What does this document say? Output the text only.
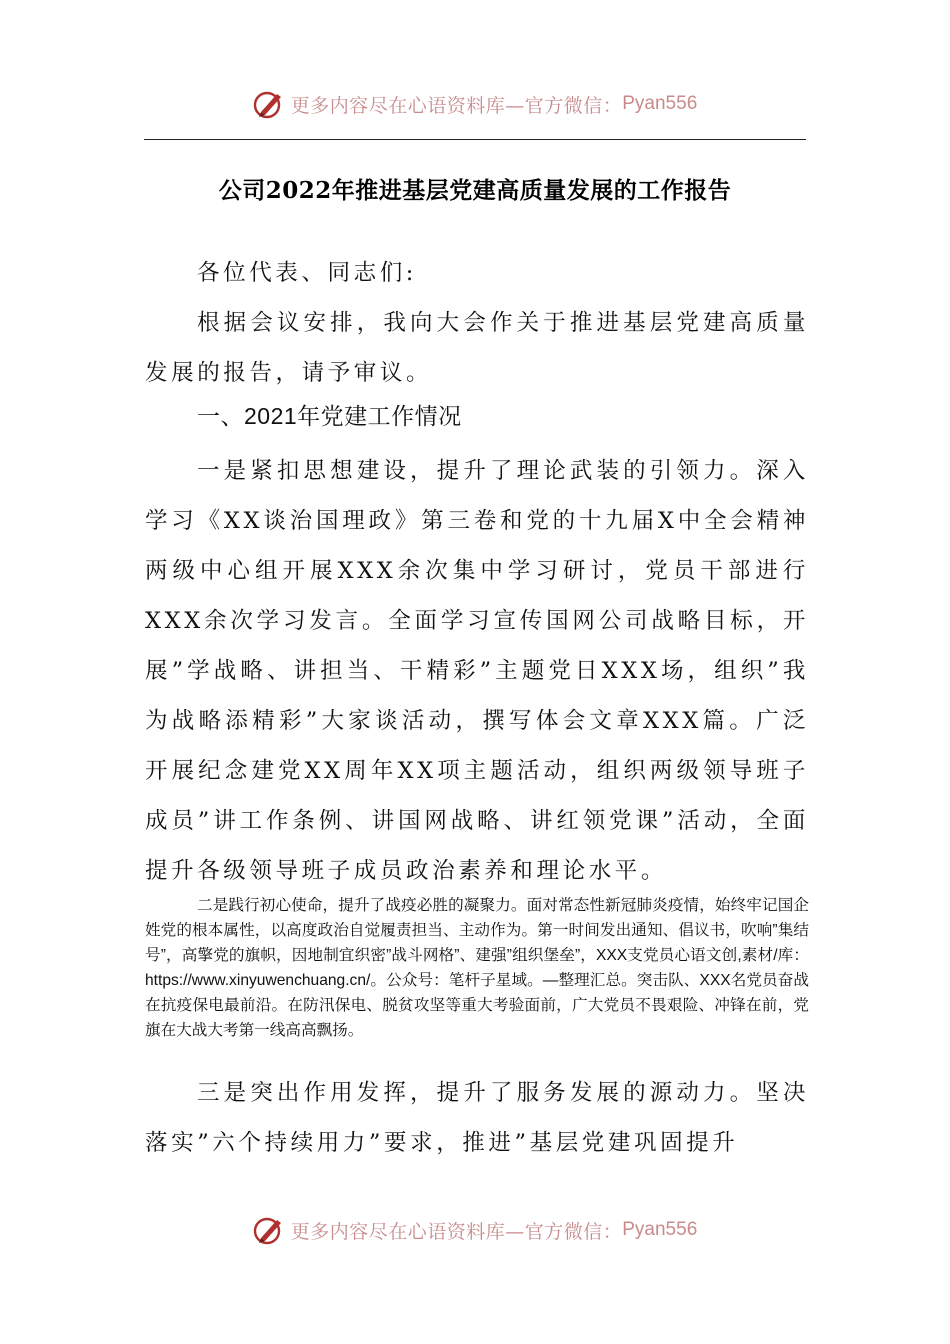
更多内容尽在心语资料库—官方微信： Pyan556
公司2022年推进基层党建高质量发展的工作报告

各位代表、同志们:

根据会议安排，我向大会作关于推进基层党建高质量发展的报告，请予审议。

一、2021年党建工作情况

一是紧扣思想建设，提升了理论武装的引领力。深入学习《XX谈治国理政》第三卷和党的十九届X中全会精神两级中心组开展XXX余次集中学习研讨，党员干部进行XXX余次学习发言。全面学习宣传国网公司战略目标，开展”学战略、讲担当、干精彩”主题党日XXX场，组织”我为战略添精彩”大家谈活动，撰写体会文章XXX篇。广泛开展纪念建党XX周年XX项主题活动，组织两级领导班子成员”讲工作条例、讲国网战略、讲红领党课”活动，全面提升各级领导班子成员政治素养和理论水平。

二是践行初心使命，提升了战疫必胜的凝聚力。面对常态性新冠肺炎疫情，始终牢记国企姓党的根本属性，以高度政治自觉履责担当、主动作为。第一时间发出通知、倡议书，吹响”集结号”，高擎党的旗帜，因地制宜织密”战斗网格”、建强”组织堡垒”，XXX支党员心语文创,素材/库：https://www.xinyuwenchuang.cn/。公众号：笔杆子星域。—整理汇总。突击队、XXX名党员奋战在抗疫保电最前沿。在防汛保电、脱贫攻坚等重大考验面前，广大党员不畏艰险、冲锋在前，党旗在大战大考第一线高高飘扬。

三是突出作用发挥，提升了服务发展的源动力。坚决落实”六个持续用力”要求，推进”基层党建巩固提升

更多内容尽在心语资料库—官方微信： Pyan556
